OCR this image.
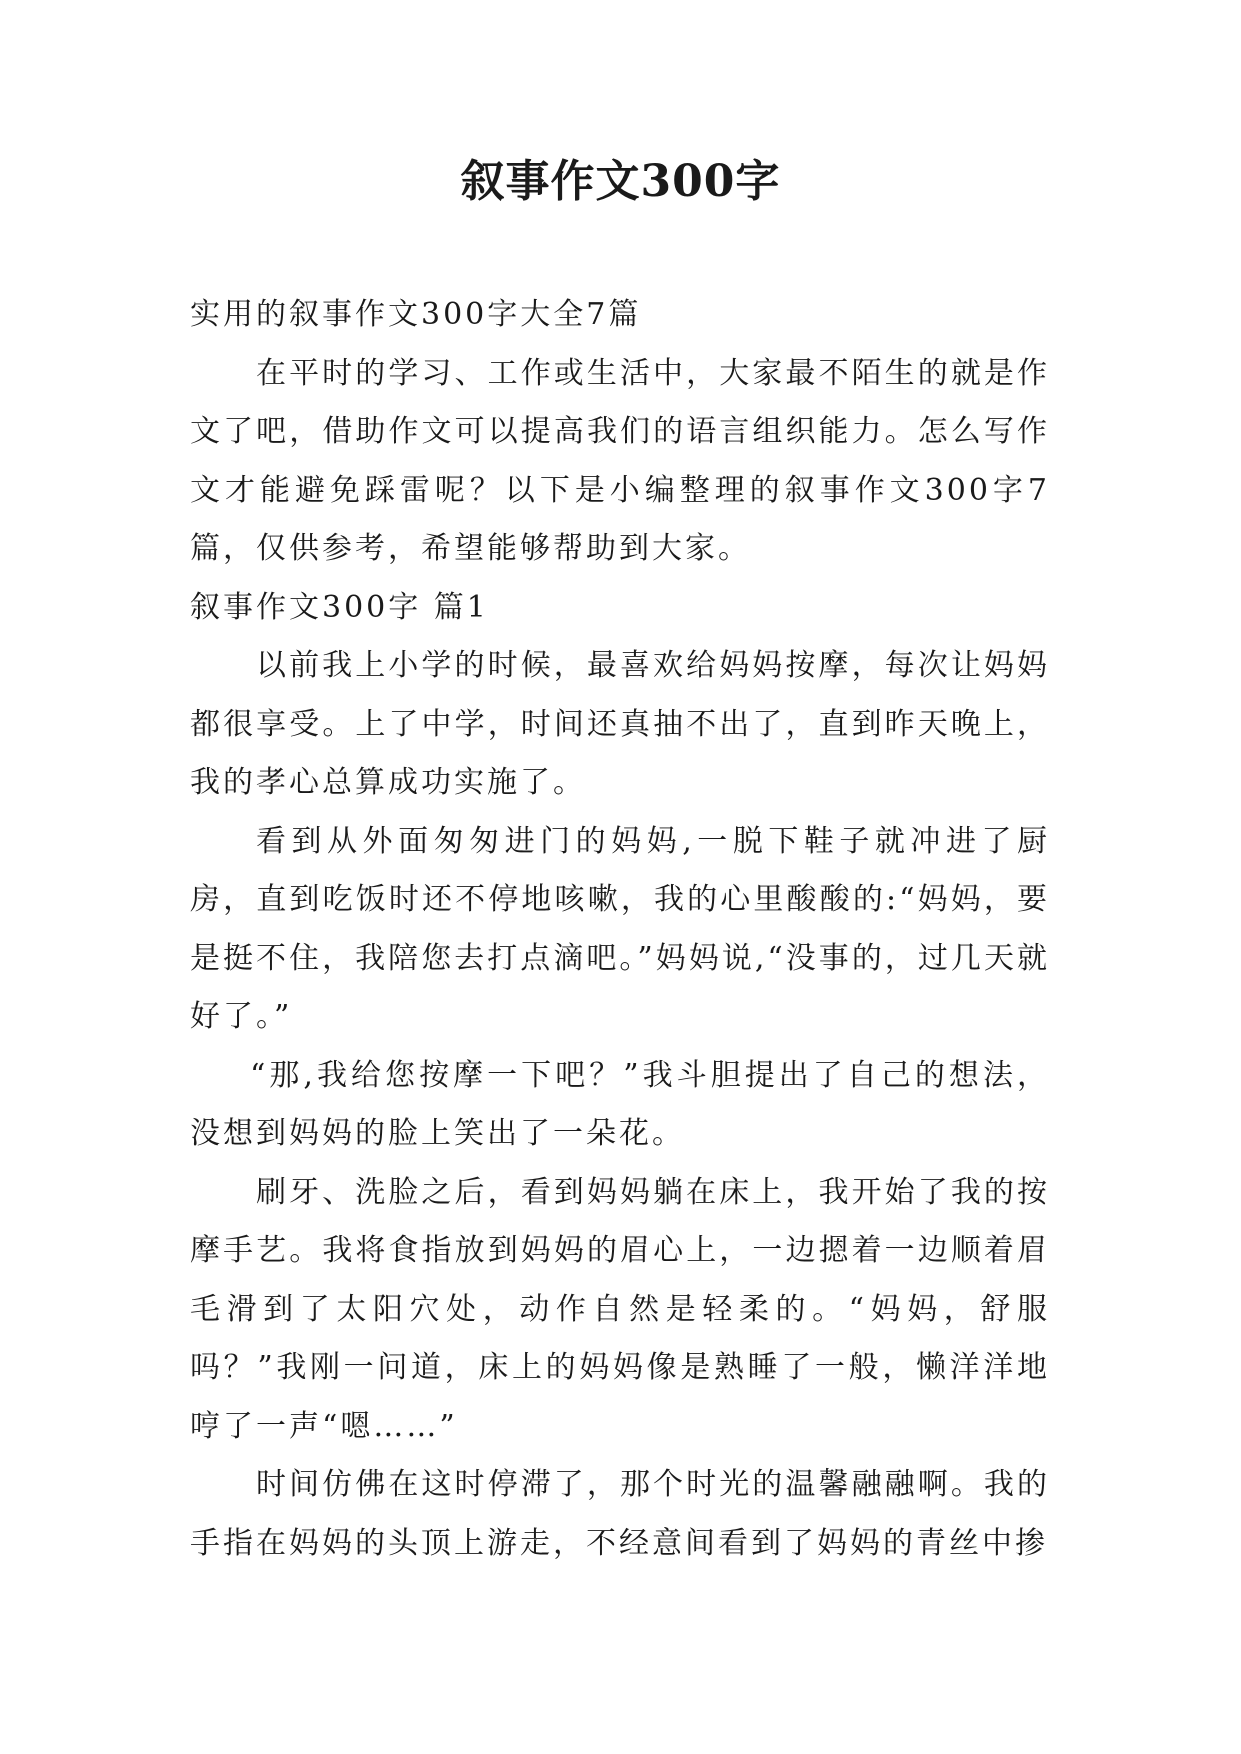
叙事作文300字

实用的叙事作文300字大全7篇

在平时的学习、工作或生活中，大家最不陌生的就是作文了吧，借助作文可以提高我们的语言组织能力。怎么写作文才能避免踩雷呢？以下是小编整理的叙事作文300字7篇，仅供参考，希望能够帮助到大家。

叙事作文300字 篇1

以前我上小学的时候，最喜欢给妈妈按摩，每次让妈妈都很享受。上了中学，时间还真抽不出了，直到昨天晚上，我的孝心总算成功实施了。

看到从外面匆匆进门的妈妈,一脱下鞋子就冲进了厨房，直到吃饭时还不停地咳嗽，我的心里酸酸的:“妈妈，要是挺不住，我陪您去打点滴吧。”妈妈说,“没事的，过几天就好了。”

“那,我给您按摩一下吧？”我斗胆提出了自己的想法，没想到妈妈的脸上笑出了一朵花。

刷牙、洗脸之后，看到妈妈躺在床上，我开始了我的按摩手艺。我将食指放到妈妈的眉心上，一边摁着一边顺着眉毛滑到了太阳穴处，动作自然是轻柔的。“妈妈，舒服吗？”我刚一问道，床上的妈妈像是熟睡了一般，懒洋洋地哼了一声“嗯……”

时间仿佛在这时停滞了，那个时光的温馨融融啊。我的手指在妈妈的头顶上游走，不经意间看到了妈妈的青丝中掺
